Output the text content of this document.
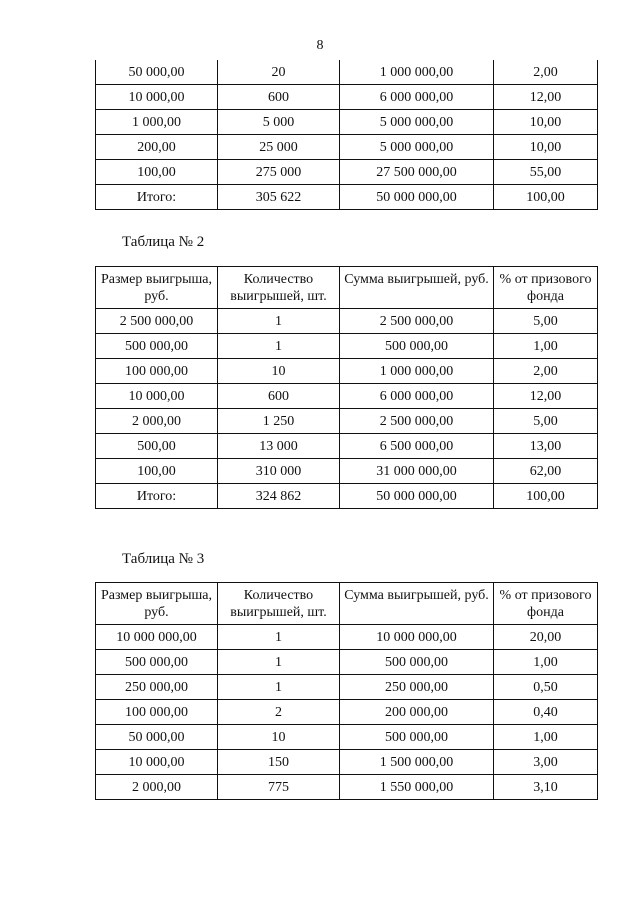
8
50 000,00	20	1 000 000,00	2,00
10 000,00	600	6 000 000,00	12,00
1 000,00	5 000	5 000 000,00	10,00
200,00	25 000	5 000 000,00	10,00
100,00	275 000	27 500 000,00	55,00
Итого:	305 622	50 000 000,00	100,00
Таблица № 2
Размер выигрыша, руб.	Количество выигрышей, шт.	Сумма выигрышей, руб.	% от призового фонда
2 500 000,00	1	2 500 000,00	5,00
500 000,00	1	500 000,00	1,00
100 000,00	10	1 000 000,00	2,00
10 000,00	600	6 000 000,00	12,00
2 000,00	1 250	2 500 000,00	5,00
500,00	13 000	6 500 000,00	13,00
100,00	310 000	31 000 000,00	62,00
Итого:	324 862	50 000 000,00	100,00
Таблица № 3
Размер выигрыша, руб.	Количество выигрышей, шт.	Сумма выигрышей, руб.	% от призового фонда
10 000 000,00	1	10 000 000,00	20,00
500 000,00	1	500 000,00	1,00
250 000,00	1	250 000,00	0,50
100 000,00	2	200 000,00	0,40
50 000,00	10	500 000,00	1,00
10 000,00	150	1 500 000,00	3,00
2 000,00	775	1 550 000,00	3,10
